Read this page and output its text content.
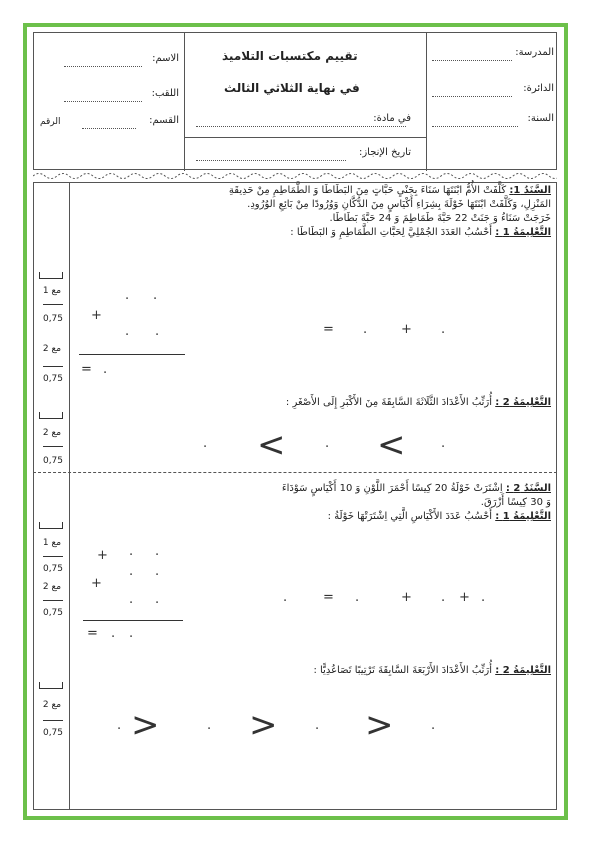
المدرسة:
الدائرة:
السنة:
تقييم مكتسبات التلاميذ
في نهاية الثلاثي الثالث
في مادة:
تاريخ الإنجاز:
الاسم:
اللقب:
القسم:
الرقم
السَّنَدُ 1: كَلَّفَتْ الأُمُّ ابْنَتَهَا سَنَاءَ بِجَنْيِ حَبَّاتٍ مِنَ البَطَاطَا وَ الطَّمَاطِمِ مِنْ حَدِيقَةِ
المَنْزِلِ، وَكَلَّفَتْ ابْنَتَهَا خَوْلَةَ بِشِرَاءِ أَكْيَاسٍ مِنَ الدُّكَّانِ وَوُرُودًا مِنْ بَائِعِ الوُرُودِ.
خَرَجَتْ سَنَاءُ وَ جَنَتْ 22 حَبَّةَ طَمَاطِمَ وَ 24 حَبَّةَ بَطَاطَا.
التَّعْلِيمَةُ 1 : أَحْسُبُ العَدَدَ الجُمْلِيَّ لِحَبَّاتِ الطَّمَاطِمِ وَ البَطَاطَا :
. .
+
. .	= .	+ .
= .
التَّعْلِيمَةُ 2 : أُرَتِّبُ الأَعْدَادَ الثَّلَاثَةَ السَّابِقَةَ مِنَ الأَكْبَرِ إِلَى الأَصْغَرِ :
. <	. <	.
السَّنَدُ 2 : اِشْتَرَتْ خَوْلَةُ 20 كِيسًا أَحْمَرَ اللَّوْنِ وَ 10 أَكْيَاسٍ سَوْدَاءَ
وَ 30 كِيسًا أَزْرَقَ.
التَّعْلِيمَةُ 1 : أَحْسُبُ عَدَدَ الأَكْيَاسِ الَّتِي اِشْتَرَتْهَا خَوْلَةُ :
+ . .
. .
+
. .	.	= .	+ . + .
= . .
التَّعْلِيمَةُ 2 : أُرَتِّبُ الأَعْدَادَ الأَرْبَعَةَ السَّابِقَةَ تَرْتِيبًا تَصَاعُدِيًّا :
. >	. >	. >	.
مع 1
0,75
مع 2
0,75
مع 2
0,75
مع 1
0,75
مع 2
0,75
مع 2
0,75
